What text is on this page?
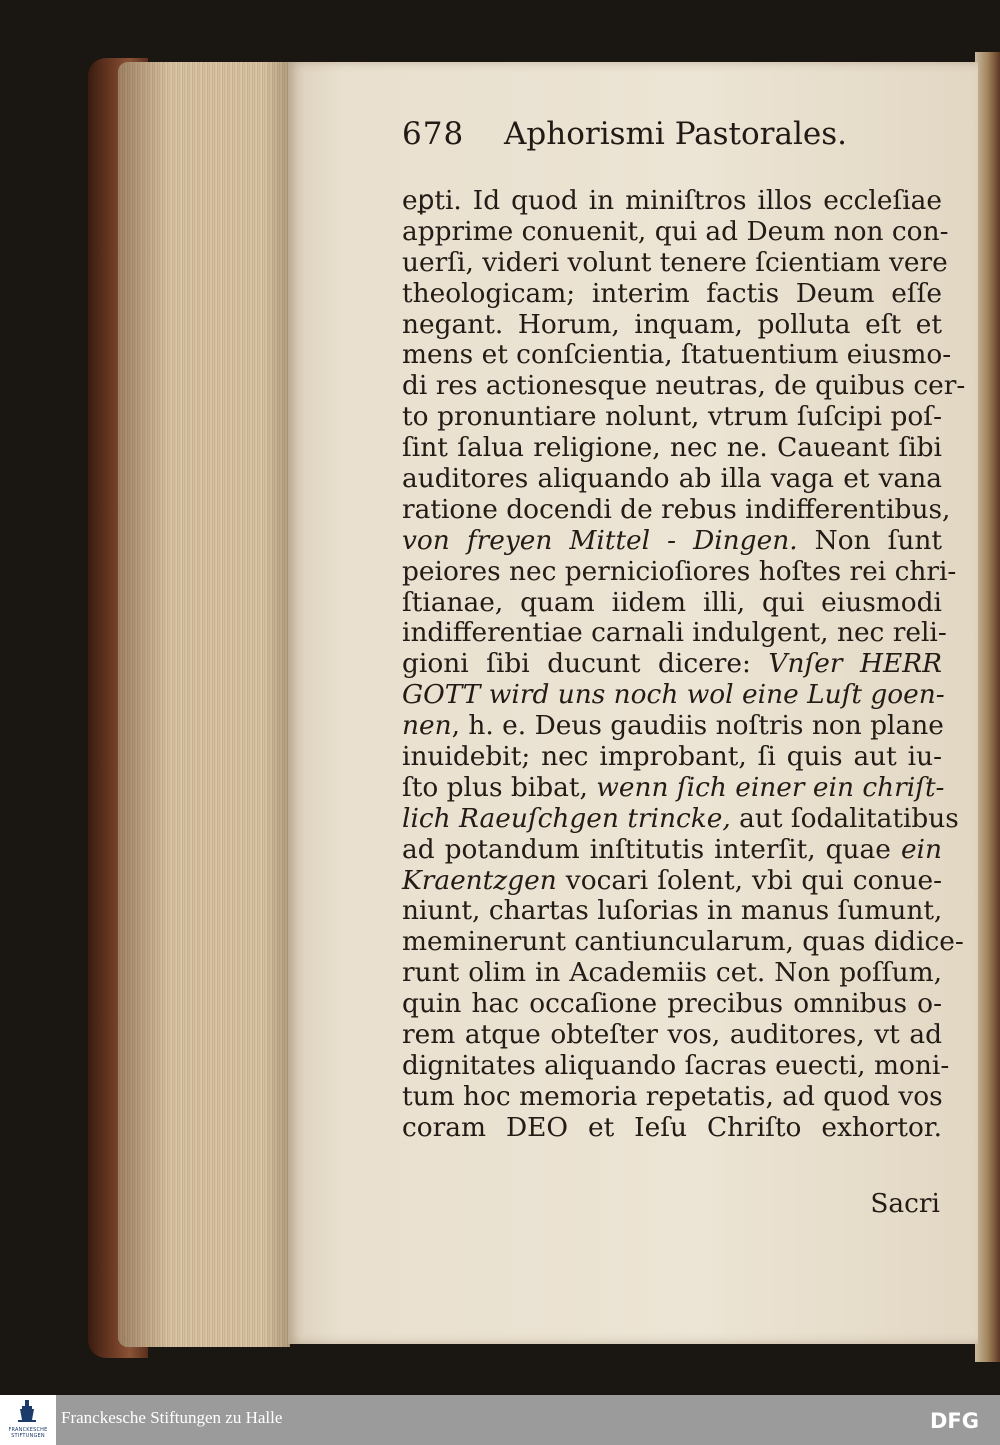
678 Aphorismi Pastorales.
eꝑti. Id quod in miniſtros illos eccleſiae
apprime conuenit, qui ad Deum non con-
uerſi, videri volunt tenere ſcientiam vere
theologicam; interim factis Deum eſſe
negant. Horum, inquam, polluta eſt et
mens et conſcientia, ſtatuentium eiusmo-
di res actionesque neutras, de quibus cer-
to pronuntiare nolunt, vtrum ſuſcipi poſ-
ſint ſalua religione, nec ne. Caueant ſibi
auditores aliquando ab illa vaga et vana
ratione docendi de rebus indifferentibus,
von freyen Mittel - Dingen. Non ſunt
peiores nec pernicioſiores hoſtes rei chri-
ſtianae, quam iidem illi, qui eiusmodi
indifferentiae carnali indulgent, nec reli-
gioni ſibi ducunt dicere: Vnſer HERR
GOTT wird uns noch wol eine Luſt goen-
nen, h. e. Deus gaudiis noſtris non plane
inuidebit; nec improbant, ſi quis aut iu-
ſto plus bibat, wenn ſich einer ein chriſt-
lich Raeuſchgen trincke, aut ſodalitatibus
ad potandum inſtitutis interſit, quae ein
Kraentzgen vocari ſolent, vbi qui conue-
niunt, chartas luſorias in manus ſumunt,
meminerunt cantiuncularum, quas didice-
runt olim in Academiis cet. Non poſſum,
quin hac occaſione precibus omnibus o-
rem atque obteſter vos, auditores, vt ad
dignitates aliquando ſacras euecti, moni-
tum hoc memoria repetatis, ad quod vos
coram DEO et Ieſu Chriſto exhortor.
Sacri
FRANCKESCHE STIFTUNGEN
Franckesche Stiftungen zu Halle	DFG
